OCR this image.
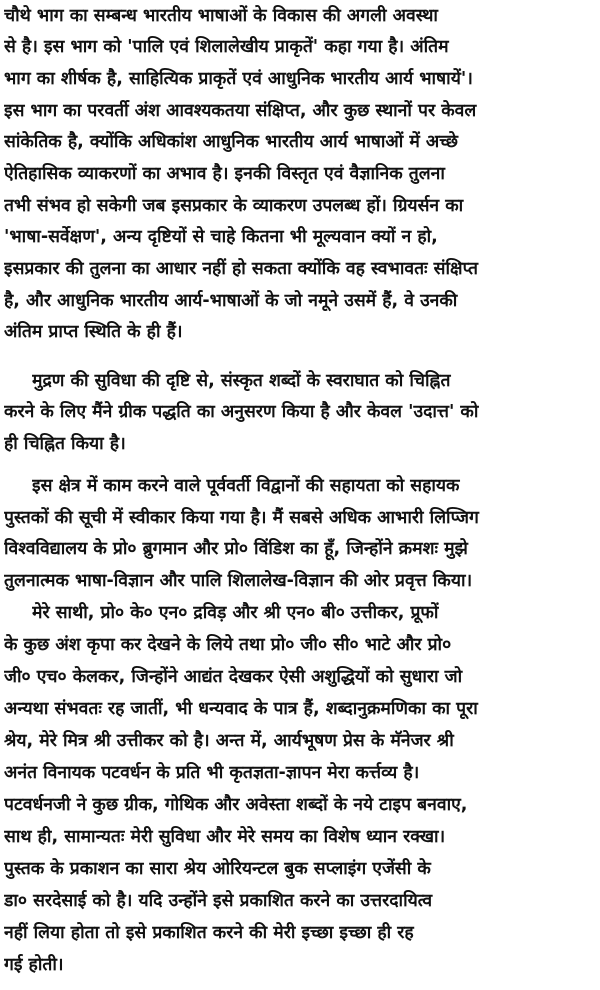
चौथे भाग का सम्बन्ध भारतीय भाषाओं के विकास की अगली अवस्था
से है। इस भाग को 'पालि एवं शिलालेखीय प्राकृतें' कहा गया है। अंतिम
भाग का शीर्षक है, साहित्यिक प्राकृतें एवं आधुनिक भारतीय आर्य भाषायें'।
इस भाग का परवर्ती अंश आवश्यकतया संक्षिप्त, और कुछ स्थानों पर केवल
सांकेतिक है, क्योंकि अधिकांश आधुनिक भारतीय आर्य भाषाओं में अच्छे
ऐतिहासिक व्याकरणों का अभाव है। इनकी विस्तृत एवं वैज्ञानिक तुलना
तभी संभव हो सकेगी जब इसप्रकार के व्याकरण उपलब्ध हों। ग्रियर्सन का
'भाषा-सर्वेक्षण', अन्य दृष्टियों से चाहे कितना भी मूल्यवान क्यों न हो,
इसप्रकार की तुलना का आधार नहीं हो सकता क्योंकि वह स्वभावतः संक्षिप्त
है, और आधुनिक भारतीय आर्य-भाषाओं के जो नमूने उसमें हैं, वे उनकी
अंतिम प्राप्त स्थिति के ही हैं।
मुद्रण की सुविधा की दृष्टि से, संस्कृत शब्दों के स्वराघात को चिह्नित
करने के लिए मैंने ग्रीक पद्धति का अनुसरण किया है और केवल 'उदात्त' को
ही चिह्नित किया है।
इस क्षेत्र में काम करने वाले पूर्ववर्ती विद्वानों की सहायता को सहायक
पुस्तकों की सूची में स्वीकार किया गया है। मैं सबसे अधिक आभारी लिप्जिग
विश्वविद्यालय के प्रो० ब्रुगमान और प्रो० विंडिश का हूँ, जिन्होंने क्रमशः मुझे
तुलनात्मक भाषा-विज्ञान और पालि शिलालेख-विज्ञान की ओर प्रवृत्त किया।
मेरे साथी, प्रो० के० एन० द्रविड़ और श्री एन० बी० उत्तीकर, प्रूफों
के कुछ अंश कृपा कर देखने के लिये तथा प्रो० जी० सी० भाटे और प्रो०
जी० एच० केलकर, जिन्होंने आद्यंत देखकर ऐसी अशुद्धियों को सुधारा जो
अन्यथा संभवतः रह जातीं, भी धन्यवाद के पात्र हैं, शब्दानुक्रमणिका का पूरा
श्रेय, मेरे मित्र श्री उत्तीकर को है। अन्त में, आर्यभूषण प्रेस के मॅनेजर श्री
अनंत विनायक पटवर्धन के प्रति भी कृतज्ञता-ज्ञापन मेरा कर्त्तव्य है।
पटवर्धनजी ने कुछ ग्रीक, गोथिक और अवेस्ता शब्दों के नये टाइप बनवाए,
साथ ही, सामान्यतः मेरी सुविधा और मेरे समय का विशेष ध्यान रक्खा।
पुस्तक के प्रकाशन का सारा श्रेय ओरियन्टल बुक सप्लाइंग एजेंसी के
डा० सरदेसाई को है। यदि उन्होंने इसे प्रकाशित करने का उत्तरदायित्व
नहीं लिया होता तो इसे प्रकाशित करने की मेरी इच्छा इच्छा ही रह
गई होती।
